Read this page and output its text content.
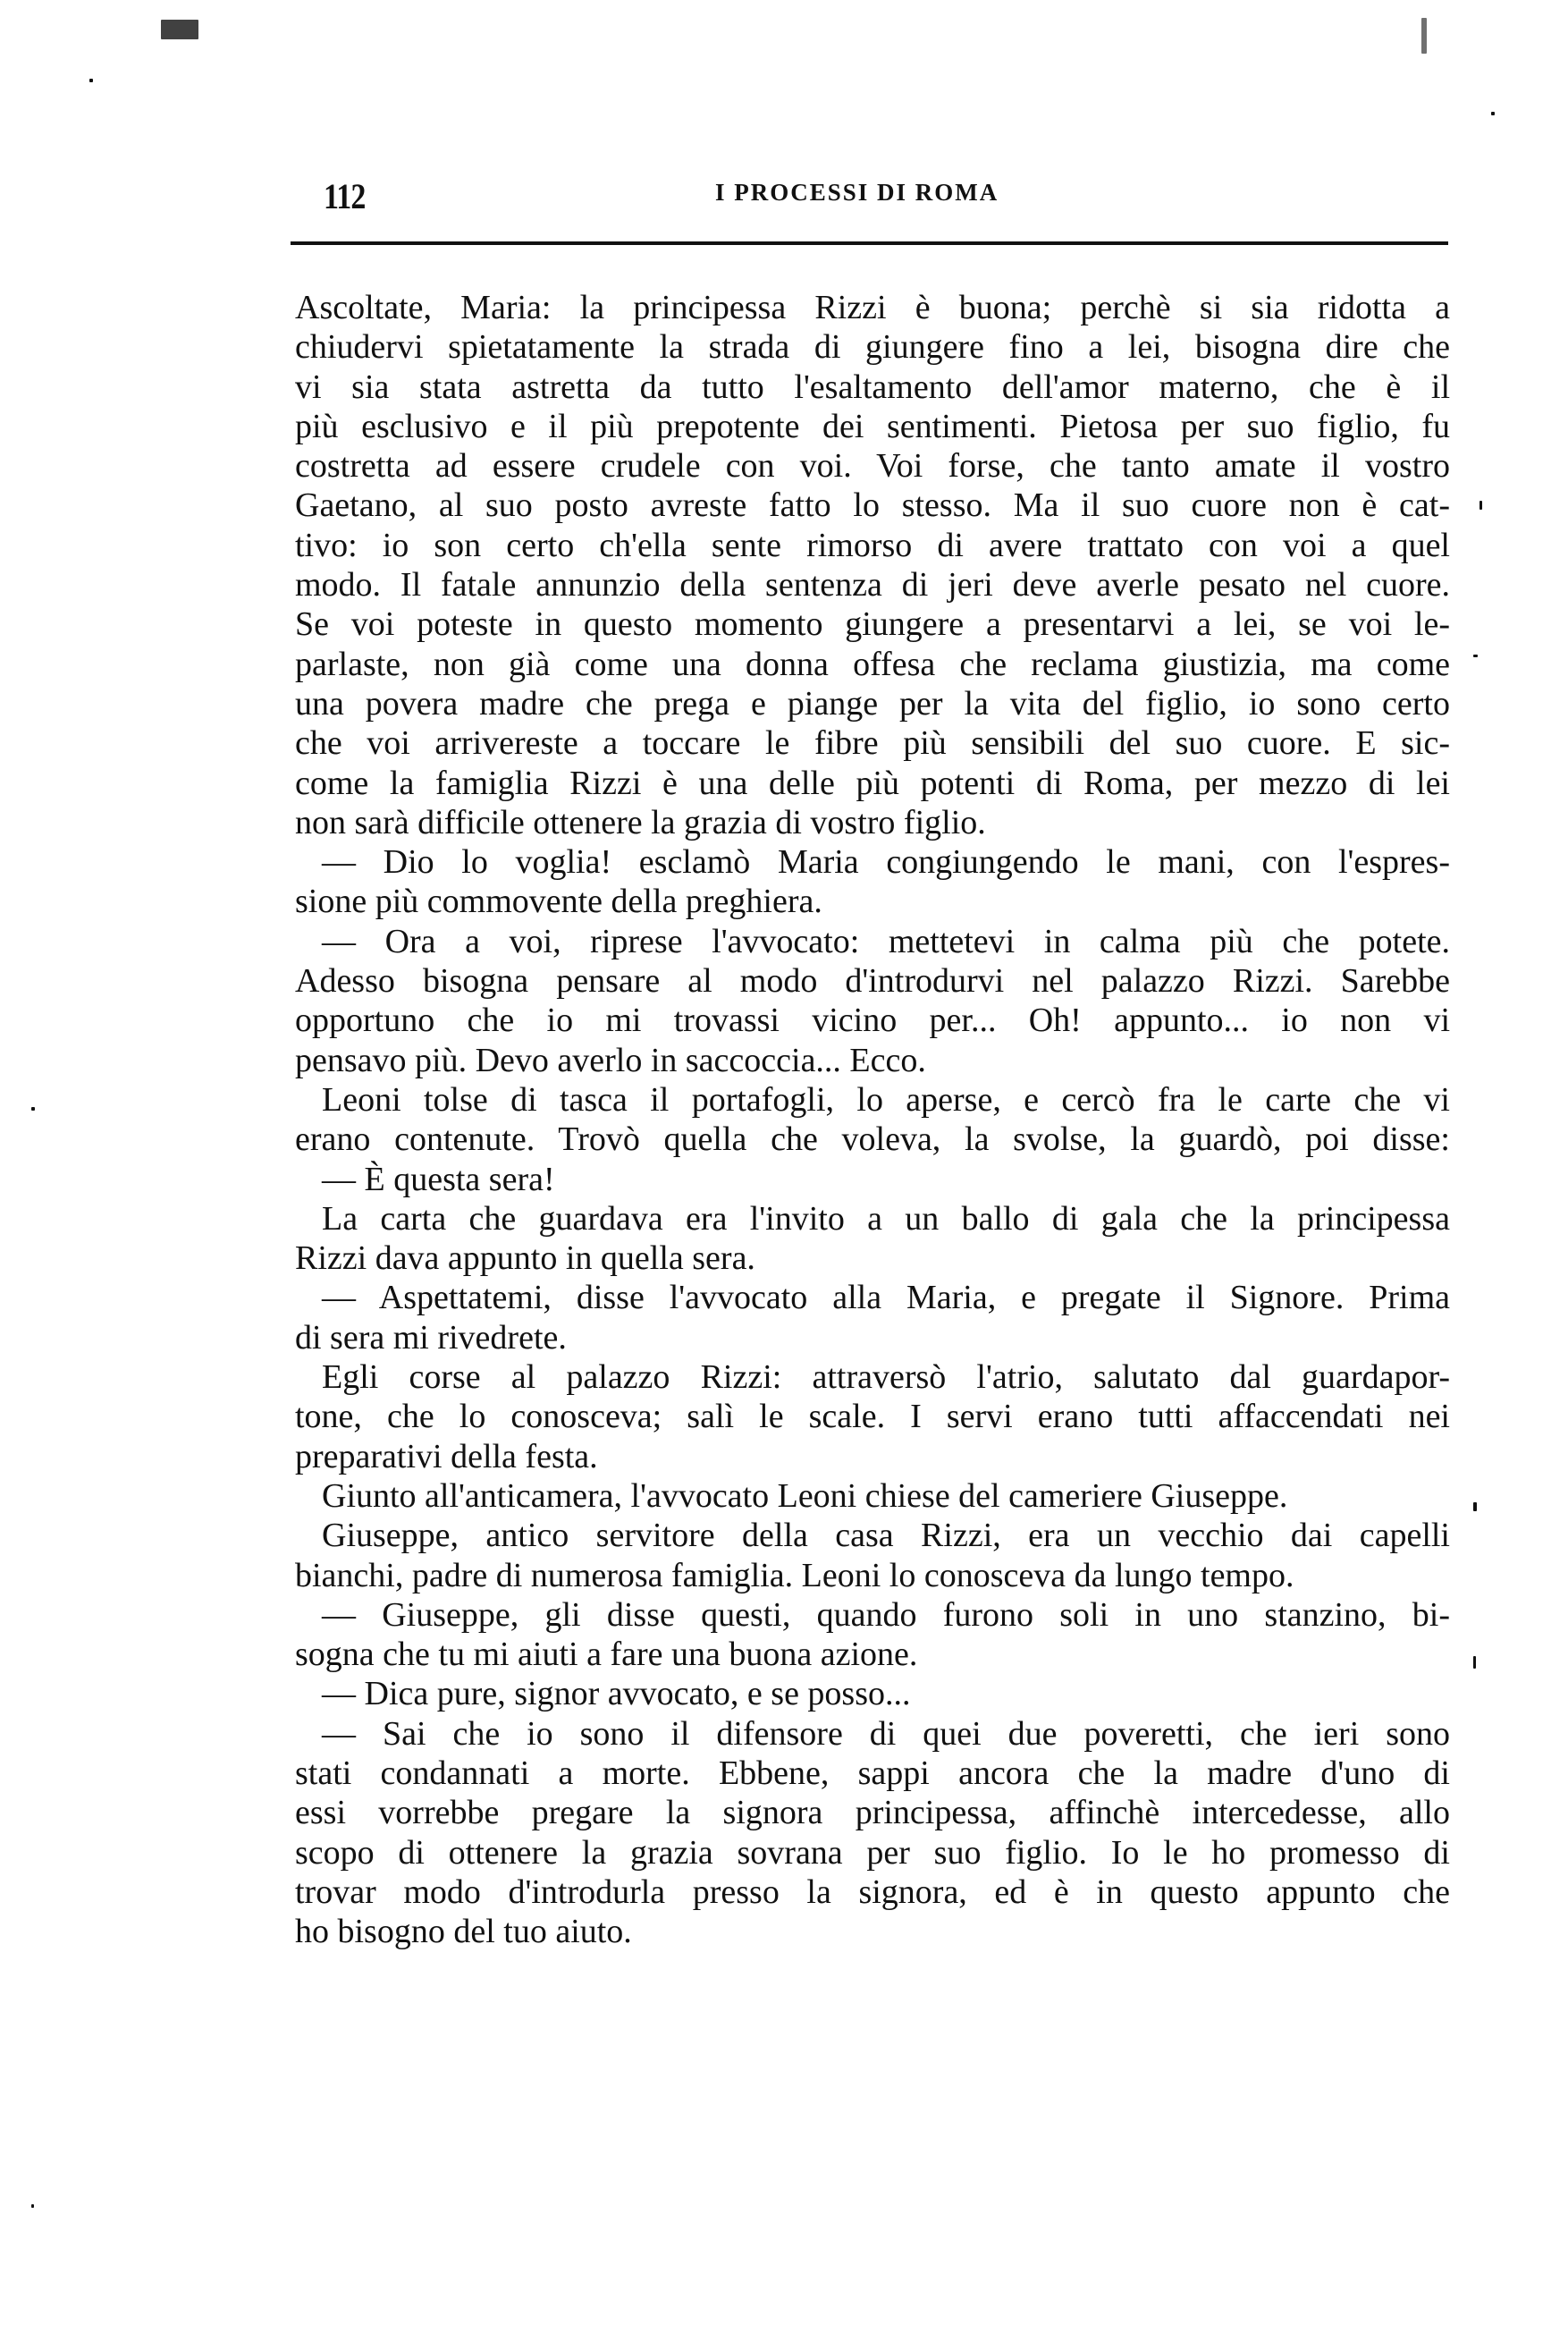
112	I PROCESSI DI ROMA
Ascoltate, Maria: la principessa Rizzi è buona; perchè si sia ridotta a
chiudervi spietatamente la strada di giungere fino a lei, bisogna dire che
vi sia stata astretta da tutto l'esaltamento dell'amor materno, che è il
più esclusivo e il più prepotente dei sentimenti. Pietosa per suo figlio, fu
costretta ad essere crudele con voi. Voi forse, che tanto amate il vostro
Gaetano, al suo posto avreste fatto lo stesso. Ma il suo cuore non è cat-
tivo: io son certo ch'ella sente rimorso di avere trattato con voi a quel
modo. Il fatale annunzio della sentenza di jeri deve averle pesato nel cuore.
Se voi poteste in questo momento giungere a presentarvi a lei, se voi le-
parlaste, non già come una donna offesa che reclama giustizia, ma come
una povera madre che prega e piange per la vita del figlio, io sono certo
che voi arrivereste a toccare le fibre più sensibili del suo cuore. E sic-
come la famiglia Rizzi è una delle più potenti di Roma, per mezzo di lei
non sarà difficile ottenere la grazia di vostro figlio.
— Dio lo voglia! esclamò Maria congiungendo le mani, con l'espres-
sione più commovente della preghiera.
— Ora a voi, riprese l'avvocato: mettetevi in calma più che potete.
Adesso bisogna pensare al modo d'introdurvi nel palazzo Rizzi. Sarebbe
opportuno che io mi trovassi vicino per... Oh! appunto... io non vi
pensavo più. Devo averlo in saccoccia... Ecco.
Leoni tolse di tasca il portafogli, lo aperse, e cercò fra le carte che vi
erano contenute. Trovò quella che voleva, la svolse, la guardò, poi disse:
— È questa sera!
La carta che guardava era l'invito a un ballo di gala che la principessa
Rizzi dava appunto in quella sera.
— Aspettatemi, disse l'avvocato alla Maria, e pregate il Signore. Prima
di sera mi rivedrete.
Egli corse al palazzo Rizzi: attraversò l'atrio, salutato dal guardapor-
tone, che lo conosceva; salì le scale. I servi erano tutti affaccendati nei
preparativi della festa.
Giunto all'anticamera, l'avvocato Leoni chiese del cameriere Giuseppe.
Giuseppe, antico servitore della casa Rizzi, era un vecchio dai capelli
bianchi, padre di numerosa famiglia. Leoni lo conosceva da lungo tempo.
— Giuseppe, gli disse questi, quando furono soli in uno stanzino, bi-
sogna che tu mi aiuti a fare una buona azione.
— Dica pure, signor avvocato, e se posso...
— Sai che io sono il difensore di quei due poveretti, che ieri sono
stati condannati a morte. Ebbene, sappi ancora che la madre d'uno di
essi vorrebbe pregare la signora principessa, affinchè intercedesse, allo
scopo di ottenere la grazia sovrana per suo figlio. Io le ho promesso di
trovar modo d'introdurla presso la signora, ed è in questo appunto che
ho bisogno del tuo aiuto.
